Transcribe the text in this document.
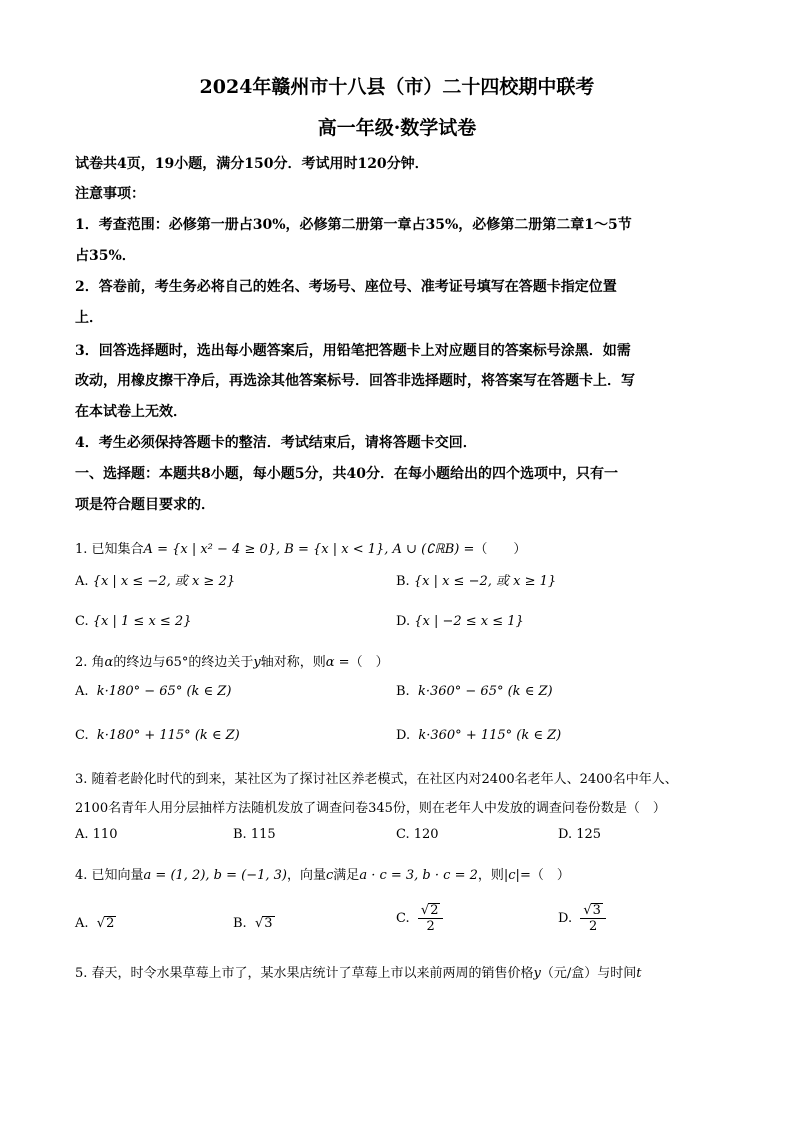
2024年赣州市十八县（市）二十四校期中联考
高一年级·数学试卷
试卷共4页，19小题，满分150分．考试用时120分钟．
注意事项：
1．考查范围：必修第一册占30%，必修第二册第一章占35%，必修第二册第二章1～5节
占35%．
2．答卷前，考生务必将自己的姓名、考场号、座位号、准考证号填写在答题卡指定位置
上．
3．回答选择题时，选出每小题答案后，用铅笔把答题卡上对应题目的答案标号涂黑．如需
改动，用橡皮擦干净后，再选涂其他答案标号．回答非选择题时，将答案写在答题卡上．写
在本试卷上无效．
4．考生必须保持答题卡的整洁．考试结束后，请将答题卡交回．
一、选择题：本题共8小题，每小题5分，共40分．在每小题给出的四个选项中，只有一
项是符合题目要求的．
1. 已知集合A = {x | x² − 4 ≥ 0}, B = {x | x < 1}, A ∪ (∁ℝB) =（　　）
A. {x | x ≤ −2, 或 x ≥ 2}	B. {x | x ≤ −2, 或 x ≥ 1}
C. {x | 1 ≤ x ≤ 2}	D. {x | −2 ≤ x ≤ 1}
2. 角α的终边与65°的终边关于y轴对称，则α =（　）
A. k·180° − 65° (k ∈ Z)	B. k·360° − 65° (k ∈ Z)
C. k·180° + 115° (k ∈ Z)	D. k·360° + 115° (k ∈ Z)
3. 随着老龄化时代的到来，某社区为了探讨社区养老模式，在社区内对2400名老年人、2400名中年人、
2100名青年人用分层抽样方法随机发放了调查问卷345份，则在老年人中发放的调查问卷份数是（　）
A. 110	B. 115	C. 120	D. 125
4. 已知向量a = (1, 2), b = (−1, 3)，向量c满足a · c = 3, b · c = 2，则|c|=（　）
A. √2	B. √3	C. $\frac{√2}{2}$	D. $\frac{√3}{2}$
5. 春天，时令水果草莓上市了，某水果店统计了草莓上市以来前两周的销售价格y（元/盒）与时间t
